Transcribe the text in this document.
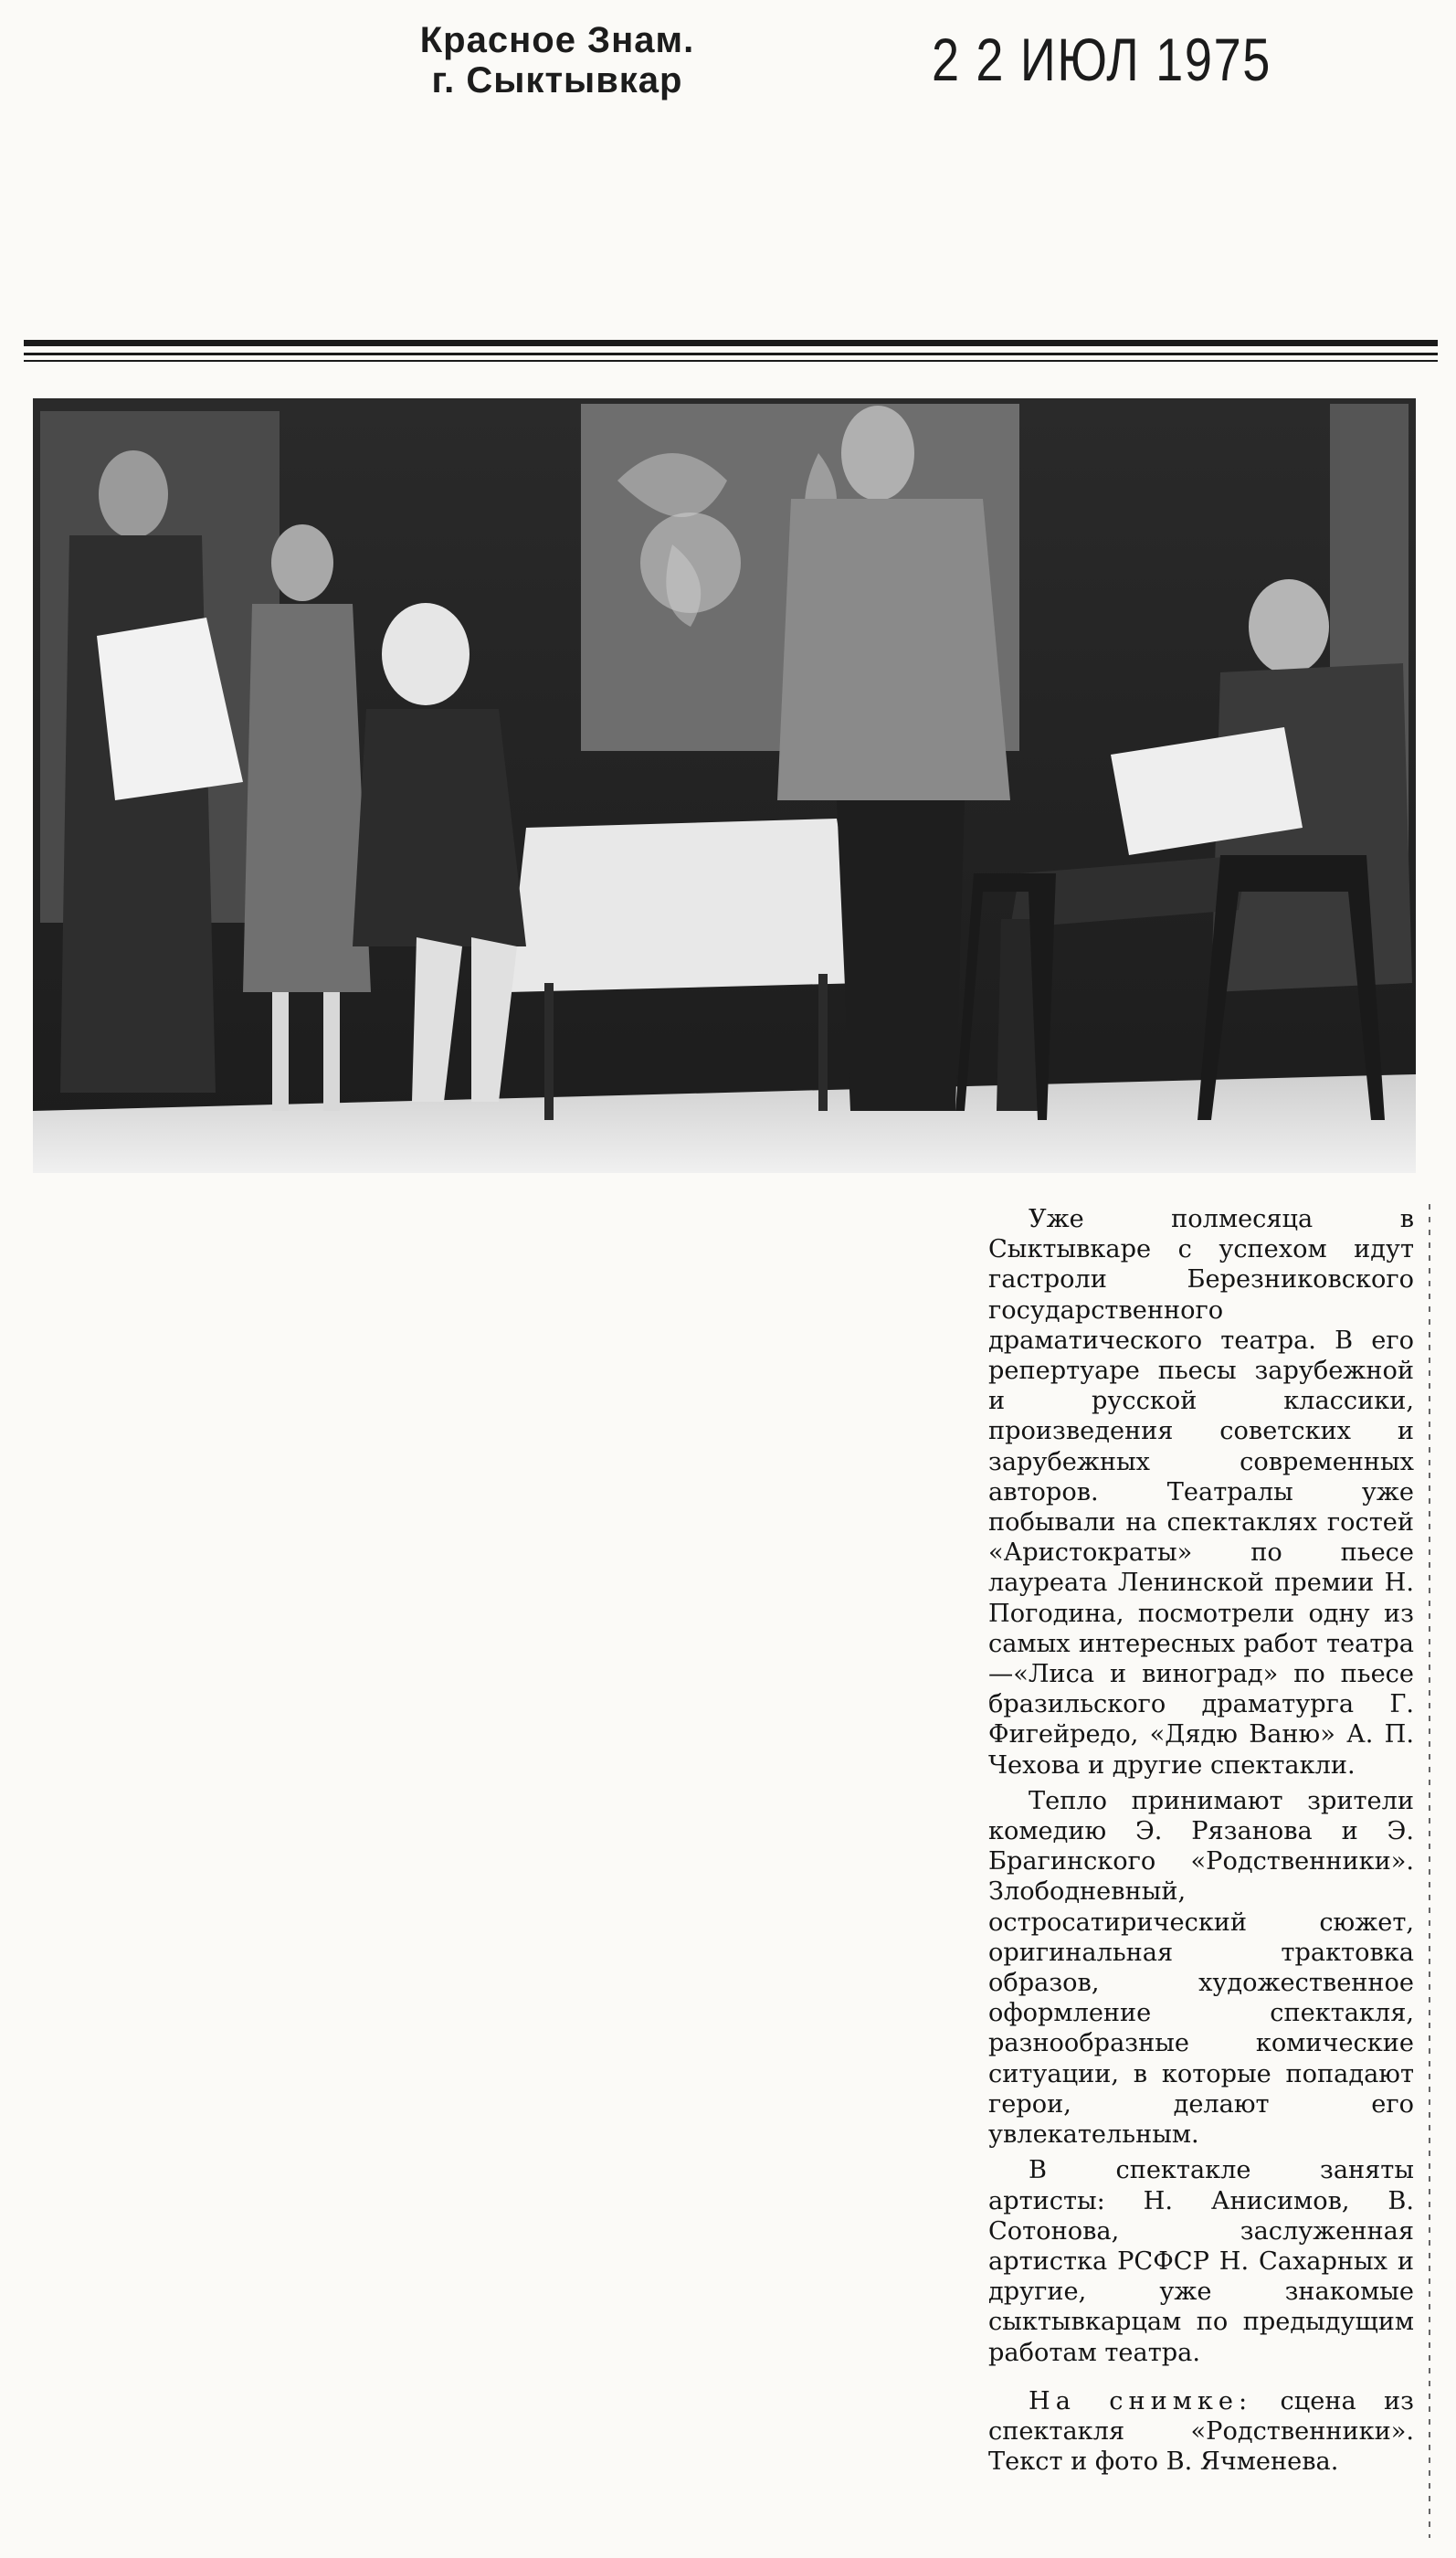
Красное Знам.
г. Сыктывкар	2 2 ИЮЛ 1975

Уже полмесяца в Сыктывкаре с успехом идут гастроли Березниковского государственного драматического театра. В его репертуаре пьесы зарубежной и русской классики, произведения советских и зарубежных современных авторов. Театралы уже побывали на спектаклях гостей «Аристократы» по пьесе лауреата Ленинской премии Н. Погодина, посмотрели одну из самых интересных работ театра—«Лиса и виноград» по пьесе бразильского драматурга Г. Фигейредо, «Дядю Ваню» А. П. Чехова и другие спектакли.

Тепло принимают зрители комедию Э. Рязанова и Э. Брагинского «Родственники». Злободневный, остросатирический сюжет, оригинальная трактовка образов, художественное оформление спектакля, разнообразные комические ситуации, в которые попадают герои, делают его увлекательным.

В спектакле заняты артисты: Н. Анисимов, В. Сотонова, заслуженная артистка РСФСР Н. Сахарных и другие, уже знакомые сыктывкарцам по предыдущим работам театра.

На снимке: сцена из спектакля «Родственники». Текст и фото В. Ячменева.
